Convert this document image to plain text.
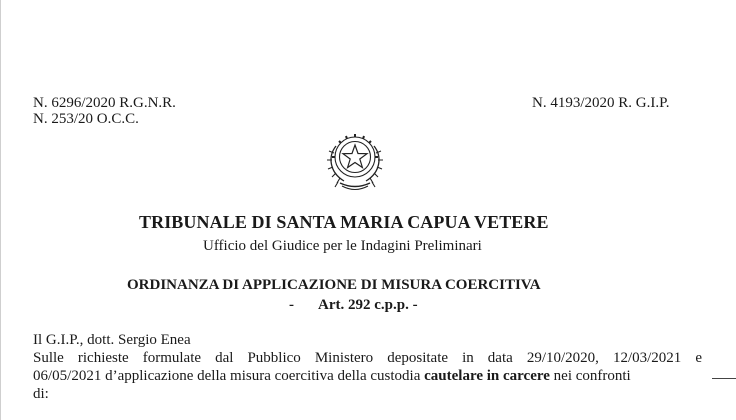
N. 6296/2020 R.G.N.R.
N. 253/20 O.C.C.
N. 4193/2020 R. G.I.P.
TRIBUNALE DI SANTA MARIA CAPUA VETERE
Ufficio del Giudice per le Indagini Preliminari
ORDINANZA DI APPLICAZIONE DI MISURA COERCITIVA
- Art. 292 c.p.p. -
Il G.I.P., dott. Sergio Enea
Sulle richieste formulate dal Pubblico Ministero depositate in data 29/10/2020, 12/03/2021 e
06/05/2021 d’applicazione della misura coercitiva della custodia cautelare in carcere nei confronti
di:
